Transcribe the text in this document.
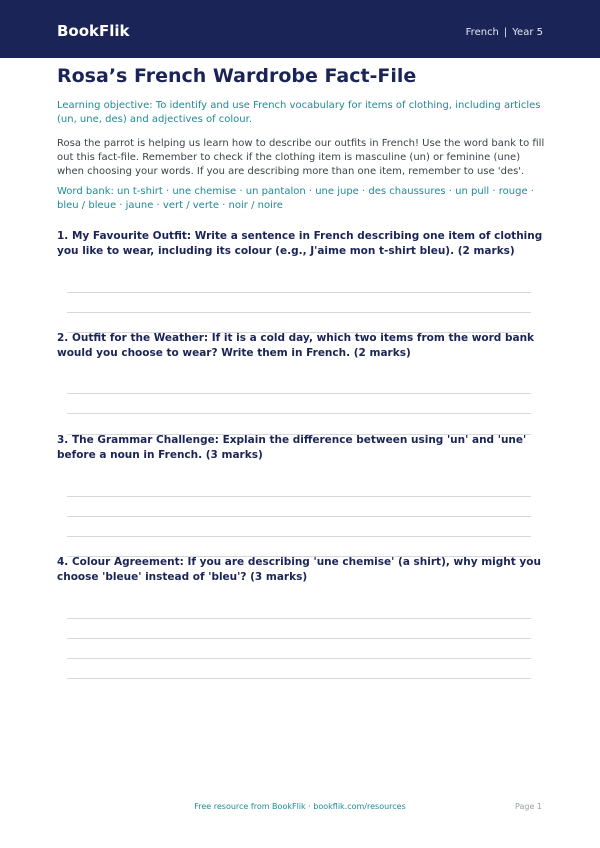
BookFlik	French | Year 5
Rosa’s French Wardrobe Fact-File
Learning objective: To identify and use French vocabulary for items of clothing, including articles (un, une, des) and adjectives of colour.
Rosa the parrot is helping us learn how to describe our outfits in French! Use the word bank to fill out this fact-file. Remember to check if the clothing item is masculine (un) or feminine (une) when choosing your words. If you are describing more than one item, remember to use 'des'.
Word bank: un t-shirt · une chemise · un pantalon · une jupe · des chaussures · un pull · rouge · bleu / bleue · jaune · vert / verte · noir / noire
1. My Favourite Outfit: Write a sentence in French describing one item of clothing you like to wear, including its colour (e.g., J'aime mon t-shirt bleu). (2 marks)
2. Outfit for the Weather: If it is a cold day, which two items from the word bank would you choose to wear? Write them in French. (2 marks)
3. The Grammar Challenge: Explain the difference between using 'un' and 'une' before a noun in French. (3 marks)
4. Colour Agreement: If you are describing 'une chemise' (a shirt), why might you choose 'bleue' instead of 'bleu'? (3 marks)
Free resource from BookFlik · bookflik.com/resources	Page 1
